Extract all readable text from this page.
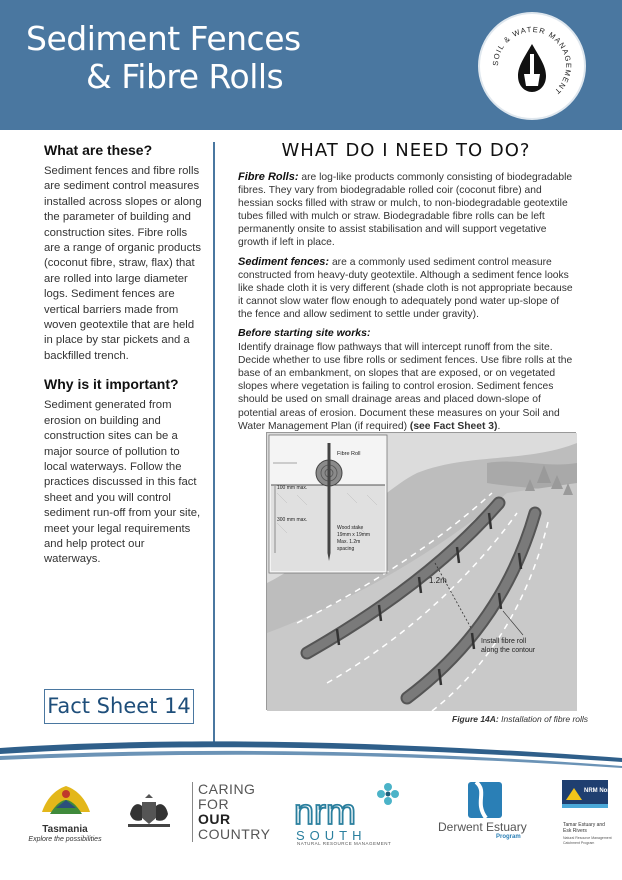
Sediment Fences
& Fibre Rolls	SOIL & WATER MANAGEMENT
What are these?

Sediment fences and fibre rolls are sediment control measures installed across slopes or along the parameter of building and construction sites. Fibre rolls are a range of organic products (coconut fibre, straw, flax) that are rolled into large diameter logs. Sediment fences are vertical barriers made from woven geotextile that are held in place by star pickets and a backfilled trench.

Why is it important?

Sediment generated from erosion on building and construction sites can be a major source of pollution to local waterways. Follow the practices discussed in this fact sheet and you will control sediment run-off from your site, meet your legal requirements and help protect our waterways.

Fact Sheet 14
WHAT DO I NEED TO DO?

Fibre Rolls: are log-like products commonly consisting of biodegradable fibres. They vary from biodegradable rolled coir (coconut fibre) and hessian socks filled with straw or mulch, to non-biodegradable geotextile tubes filled with mulch or straw. Biodegradable fibre rolls can be left permanently onsite to assist stabilisation and will support vegetative growth if left in place.

Sediment fences: are a commonly used sediment control measure constructed from heavy-duty geotextile. Although a sediment fence looks like shade cloth it is very different (shade cloth is not appropriate because it cannot slow water flow enough to adequately pond water up-slope of the fence and allow sediment to settle under gravity).

Before starting site works:

Identify drainage flow pathways that will intercept runoff from the site. Decide whether to use fibre rolls or sediment fences. Use fibre rolls at the base of an embankment, on slopes that are exposed, or on vegetated slopes where vegetation is failing to control erosion. Sediment fences should be used on small drainage areas and placed down-slope of potential areas of erosion. Document these measures on your Soil and Water Management Plan (if required) (see Fact Sheet 3).

1.2m
Install fibre roll
along the contour
Fibre Roll
100 mm max.
300 mm max.
Wood stake
19mm x 19mm
Max. 1.2m
spacing
Figure 14A: Installation of fibre rolls
Tasmania
Explore the possibilities
CARING
FOR
OUR
COUNTRY
nrm
SOUTH
NATURAL RESOURCE MANAGEMENT
Derwent Estuary
Program
NRM North
Tamar Estuary and Esk Rivers
Natural Resource Management Catchment Program
